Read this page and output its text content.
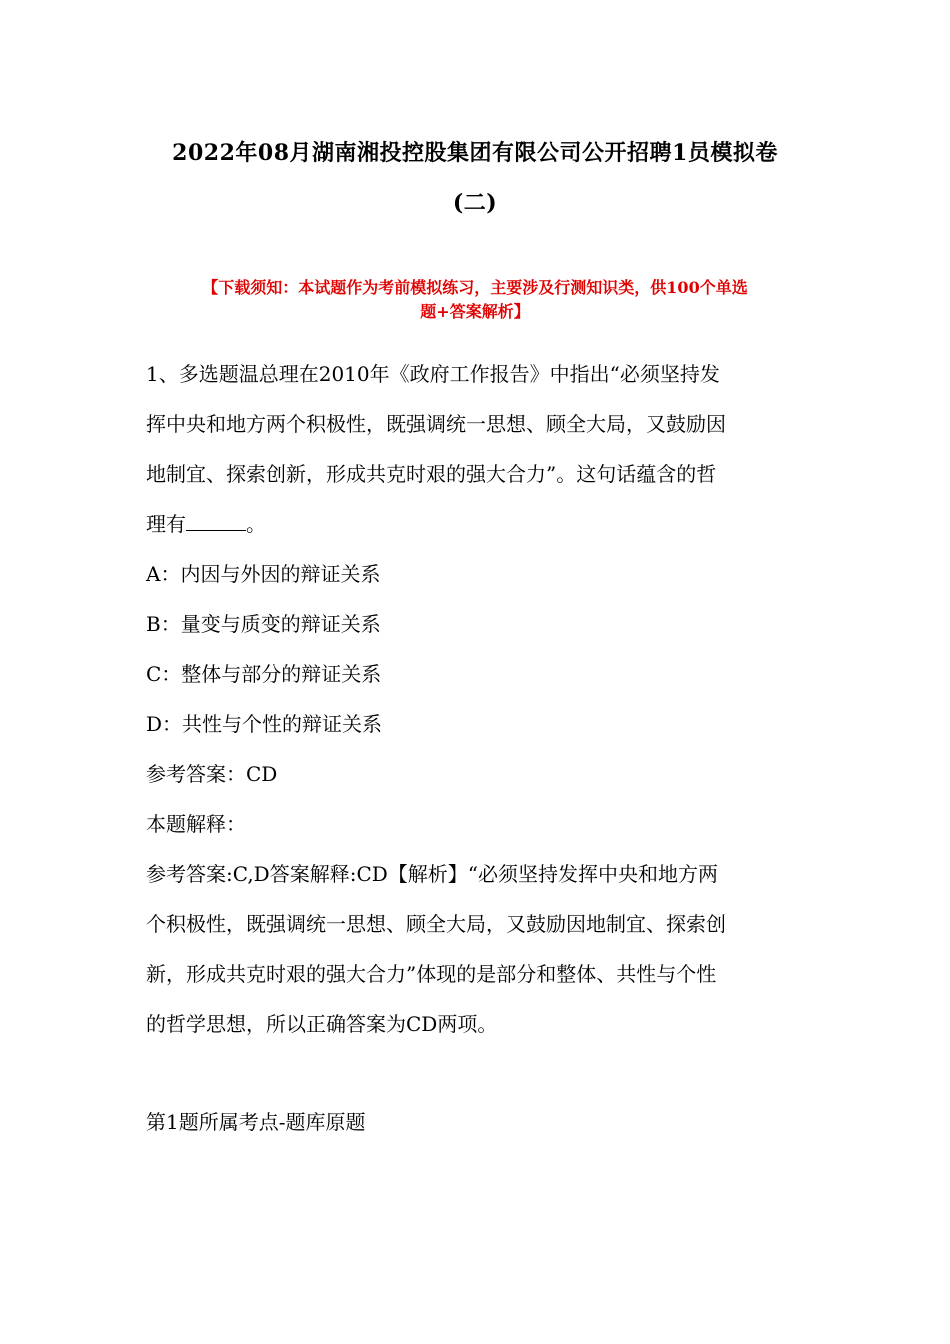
2022年08月湖南湘投控股集团有限公司公开招聘1员模拟卷
(二)
【下载须知：本试题作为考前模拟练习，主要涉及行测知识类，供100个单选
题+答案解析】
1、多选题温总理在2010年《政府工作报告》中指出“必须坚持发
挥中央和地方两个积极性，既强调统一思想、顾全大局，又鼓励因
地制宜、探索创新，形成共克时艰的强大合力”。这句话蕴含的哲
理有	。
A：内因与外因的辩证关系
B：量变与质变的辩证关系
C：整体与部分的辩证关系
D：共性与个性的辩证关系
参考答案：CD
本题解释：
参考答案:C,D答案解释:CD【解析】“必须坚持发挥中央和地方两
个积极性，既强调统一思想、顾全大局，又鼓励因地制宜、探索创
新，形成共克时艰的强大合力”体现的是部分和整体、共性与个性
的哲学思想，所以正确答案为CD两项。
第1题所属考点-题库原题
